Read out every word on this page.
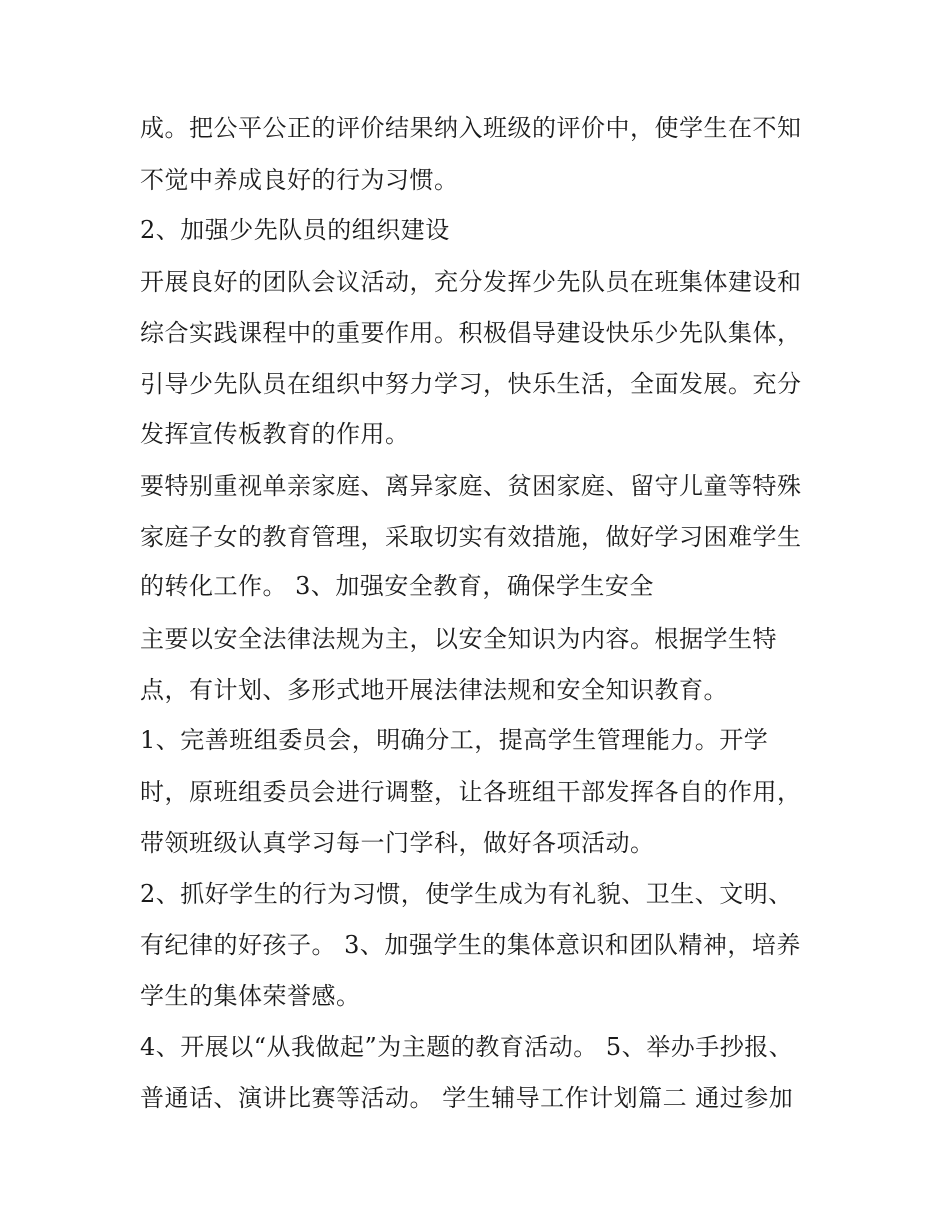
成。把公平公正的评价结果纳入班级的评价中，使学生在不知

不觉中养成良好的行为习惯。

2、加强少先队员的组织建设

开展良好的团队会议活动，充分发挥少先队员在班集体建设和

综合实践课程中的重要作用。积极倡导建设快乐少先队集体，

引导少先队员在组织中努力学习，快乐生活，全面发展。充分

发挥宣传板教育的作用。

要特别重视单亲家庭、离异家庭、贫困家庭、留守儿童等特殊

家庭子女的教育管理，采取切实有效措施，做好学习困难学生

的转化工作。 3、加强安全教育，确保学生安全

主要以安全法律法规为主，以安全知识为内容。根据学生特

点，有计划、多形式地开展法律法规和安全知识教育。

1、完善班组委员会，明确分工，提高学生管理能力。开学

时，原班组委员会进行调整，让各班组干部发挥各自的作用，

带领班级认真学习每一门学科，做好各项活动。

2、抓好学生的行为习惯，使学生成为有礼貌、卫生、文明、

有纪律的好孩子。 3、加强学生的集体意识和团队精神，培养

学生的集体荣誉感。

4、开展以“从我做起”为主题的教育活动。 5、举办手抄报、

普通话、演讲比赛等活动。 学生辅导工作计划篇二 通过参加
